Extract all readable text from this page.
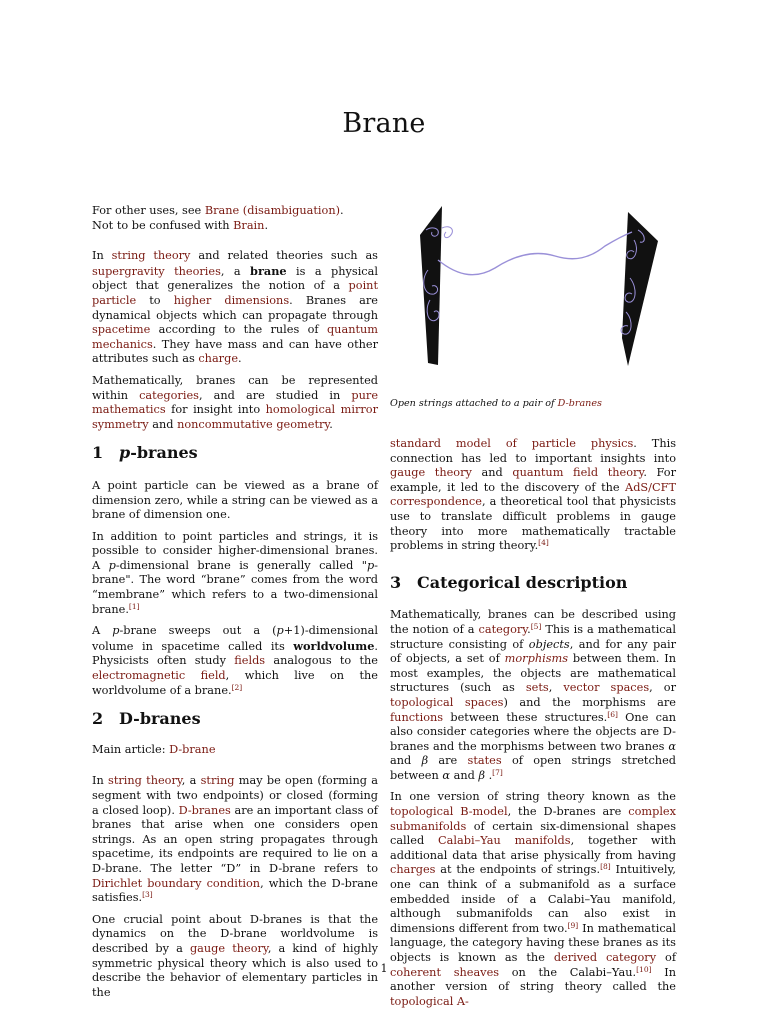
Brane
Open strings attached to a pair of D-branes
For other uses, see Brane (disambiguation).
Not to be confused with Brain.

In string theory and related theories such as supergravity theories, a brane is a physical object that generalizes the notion of a point particle to higher dimensions. Branes are dynamical objects which can propagate through spacetime according to the rules of quantum mechanics. They have mass and can have other attributes such as charge.

Mathematically, branes can be represented within categories, and are studied in pure mathematics for insight into homological mirror symmetry and noncommutative geometry.

1 p-branes

A point particle can be viewed as a brane of dimension zero, while a string can be viewed as a brane of dimension one.

In addition to point particles and strings, it is possible to consider higher-dimensional branes. A p-dimensional brane is generally called "p-brane". The word “brane” comes from the word “membrane” which refers to a two-dimensional brane.[1]

A p-brane sweeps out a (p+1)-dimensional volume in spacetime called its worldvolume. Physicists often study fields analogous to the electromagnetic field, which live on the worldvolume of a brane.[2]

2 D-branes
Main article: D-brane

In string theory, a string may be open (forming a segment with two endpoints) or closed (forming a closed loop). D-branes are an important class of branes that arise when one considers open strings. As an open string propagates through spacetime, its endpoints are required to lie on a D-brane. The letter “D” in D-brane refers to Dirichlet boundary condition, which the D-brane satisfies.[3]

One crucial point about D-branes is that the dynamics on the D-brane worldvolume is described by a gauge theory, a kind of highly symmetric physical theory which is also used to describe the behavior of elementary particles in the

standard model of particle physics. This connection has led to important insights into gauge theory and quantum field theory. For example, it led to the discovery of the AdS/CFT correspondence, a theoretical tool that physicists use to translate difficult problems in gauge theory into more mathematically tractable problems in string theory.[4]

3 Categorical description

Mathematically, branes can be described using the notion of a category.[5] This is a mathematical structure consisting of objects, and for any pair of objects, a set of morphisms between them. In most examples, the objects are mathematical structures (such as sets, vector spaces, or topological spaces) and the morphisms are functions between these structures.[6] One can also consider categories where the objects are D-branes and the morphisms between two branes α and β are states of open strings stretched between α and β .[7]

In one version of string theory known as the topological B-model, the D-branes are complex submanifolds of certain six-dimensional shapes called Calabi–Yau manifolds, together with additional data that arise physically from having charges at the endpoints of strings.[8] Intuitively, one can think of a submanifold as a surface embedded inside of a Calabi–Yau manifold, although submanifolds can also exist in dimensions different from two.[9] In mathematical language, the category having these branes as its objects is known as the derived category of coherent sheaves on the Calabi–Yau.[10] In another version of string theory called the topological A-

1
